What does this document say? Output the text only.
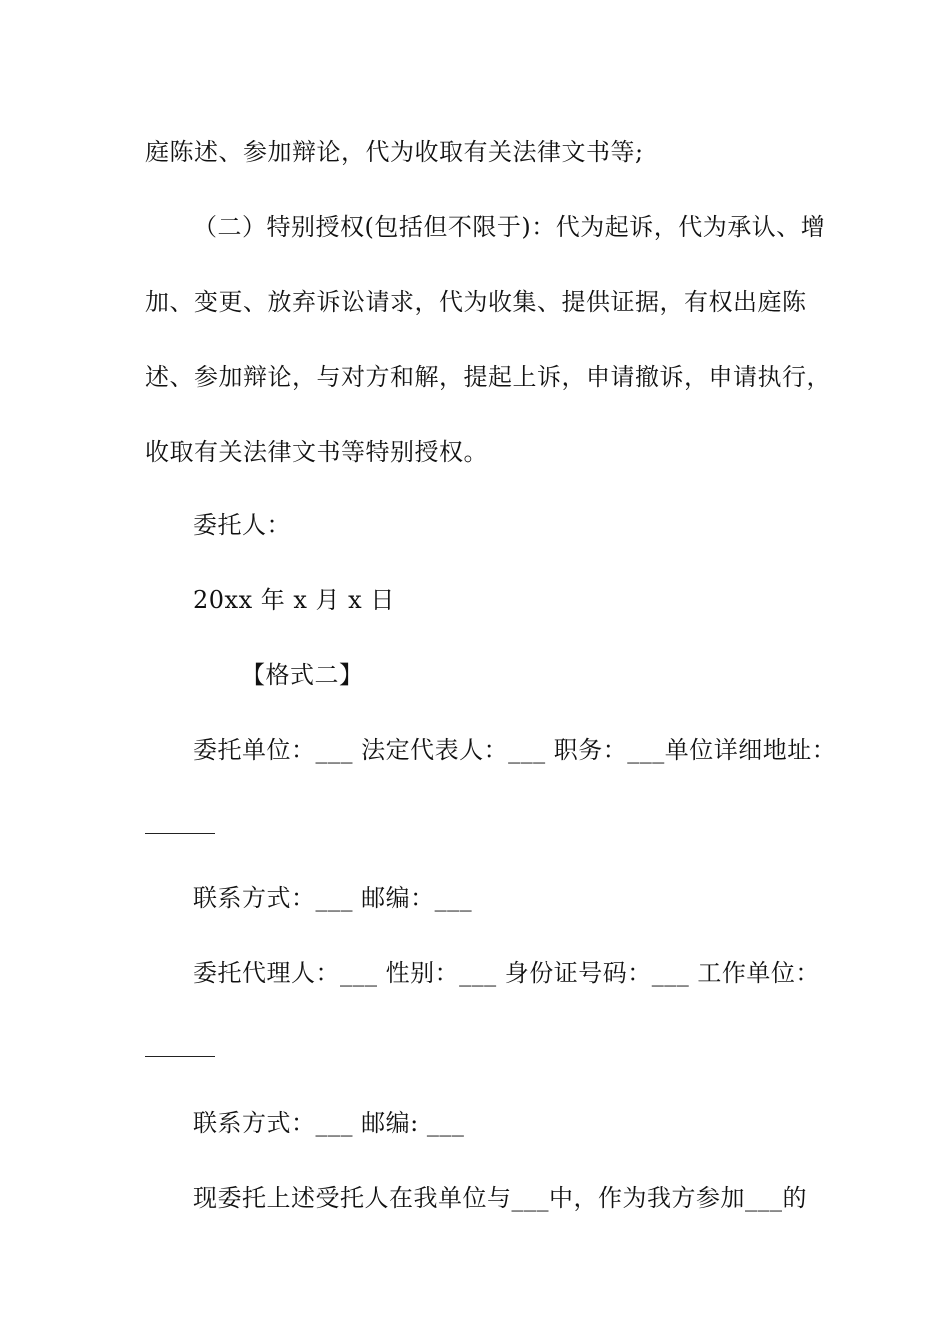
庭陈述、参加辩论，代为收取有关法律文书等;
（二）特别授权(包括但不限于)：代为起诉，代为承认、增
加、变更、放弃诉讼请求，代为收集、提供证据，有权出庭陈
述、参加辩论，与对方和解，提起上诉，申请撤诉，申请执行，
收取有关法律文书等特别授权。
委托人：
20xx 年 x 月 x 日
【格式二】
委托单位：___ 法定代表人：___ 职务：___单位详细地址：
联系方式：___ 邮编：___
委托代理人：___ 性别：___ 身份证号码：___ 工作单位：
联系方式：___ 邮编: ___
现委托上述受托人在我单位与___中，作为我方参加___的
